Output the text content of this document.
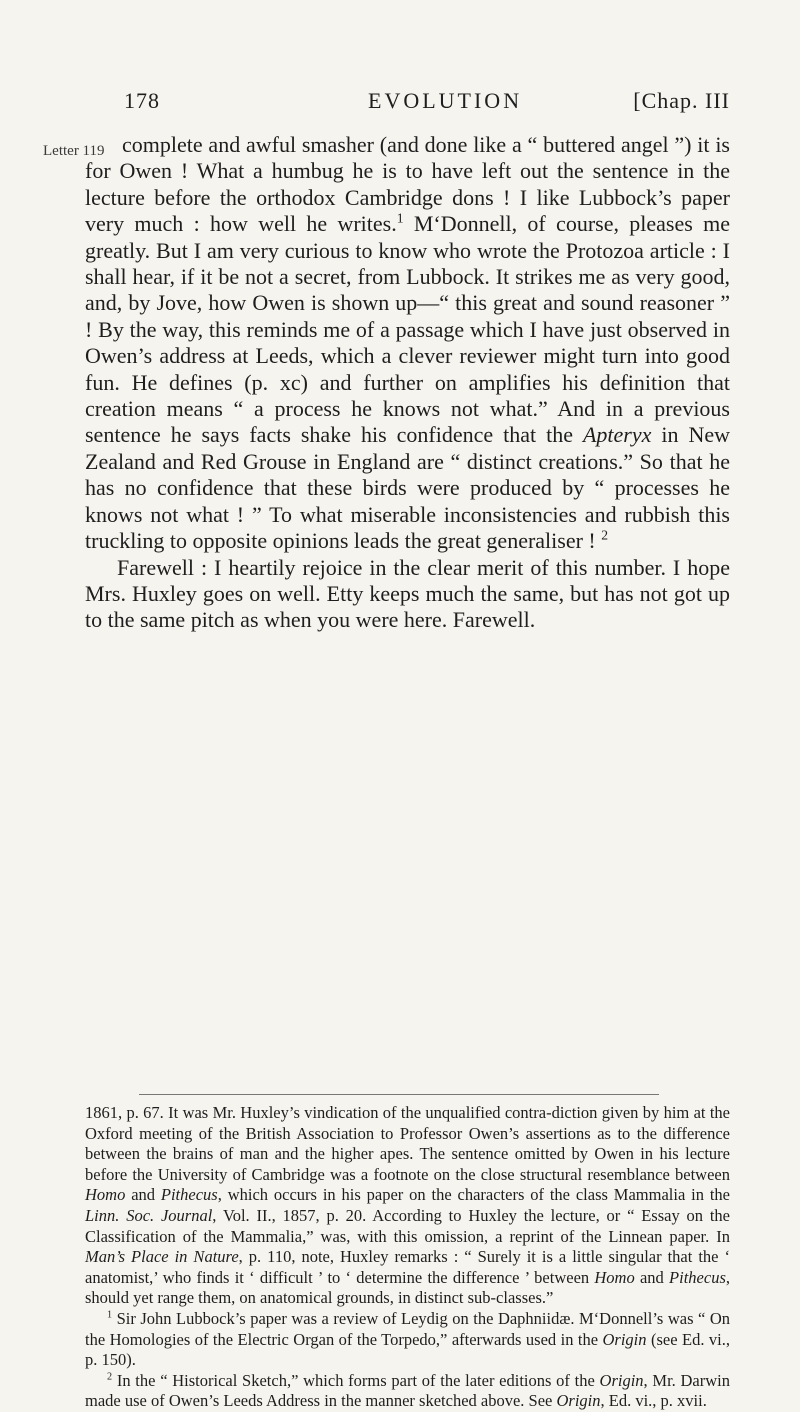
178	EVOLUTION	[Chap. III
Letter 119 complete and awful smasher (and done like a “ buttered angel ”) it is for Owen ! What a humbug he is to have left out the sentence in the lecture before the orthodox Cambridge dons ! I like Lubbock’s paper very much : how well he writes.$^1$ M‘Donnell, of course, pleases me greatly. But I am very curious to know who wrote the Protozoa article : I shall hear, if it be not a secret, from Lubbock. It strikes me as very good, and, by Jove, how Owen is shown up—“ this great and sound reasoner ” ! By the way, this reminds me of a passage which I have just observed in Owen’s address at Leeds, which a clever reviewer might turn into good fun. He defines (p. xc) and further on amplifies his definition that creation means “ a process he knows not what.” And in a previous sentence he says facts shake his confidence that the Apteryx in New Zealand and Red Grouse in England are “ distinct creations.” So that he has no confidence that these birds were produced by “ processes he knows not what ! ” To what miserable inconsistencies and rubbish this truckling to opposite opinions leads the great generaliser ! $^2$

Farewell : I heartily rejoice in the clear merit of this number. I hope Mrs. Huxley goes on well. Etty keeps much the same, but has not got up to the same pitch as when you were here. Farewell.

1861, p. 67. It was Mr. Huxley’s vindication of the unqualified contra-diction given by him at the Oxford meeting of the British Association to Professor Owen’s assertions as to the difference between the brains of man and the higher apes. The sentence omitted by Owen in his lecture before the University of Cambridge was a footnote on the close structural resemblance between Homo and Pithecus, which occurs in his paper on the characters of the class Mammalia in the Linn. Soc. Journal, Vol. II., 1857, p. 20. According to Huxley the lecture, or “ Essay on the Classification of the Mammalia,” was, with this omission, a reprint of the Linnean paper. In Man’s Place in Nature, p. 110, note, Huxley remarks : “ Surely it is a little singular that the ‘ anatomist,’ who finds it ‘ difficult ’ to ‘ determine the difference ’ between Homo and Pithecus, should yet range them, on anatomical grounds, in distinct sub-classes.”

$^1$ Sir John Lubbock’s paper was a review of Leydig on the Daphniidæ. M‘Donnell’s was “ On the Homologies of the Electric Organ of the Torpedo,” afterwards used in the Origin (see Ed. vi., p. 150).

$^2$ In the “ Historical Sketch,” which forms part of the later editions of the Origin, Mr. Darwin made use of Owen’s Leeds Address in the manner sketched above. See Origin, Ed. vi., p. xvii.
